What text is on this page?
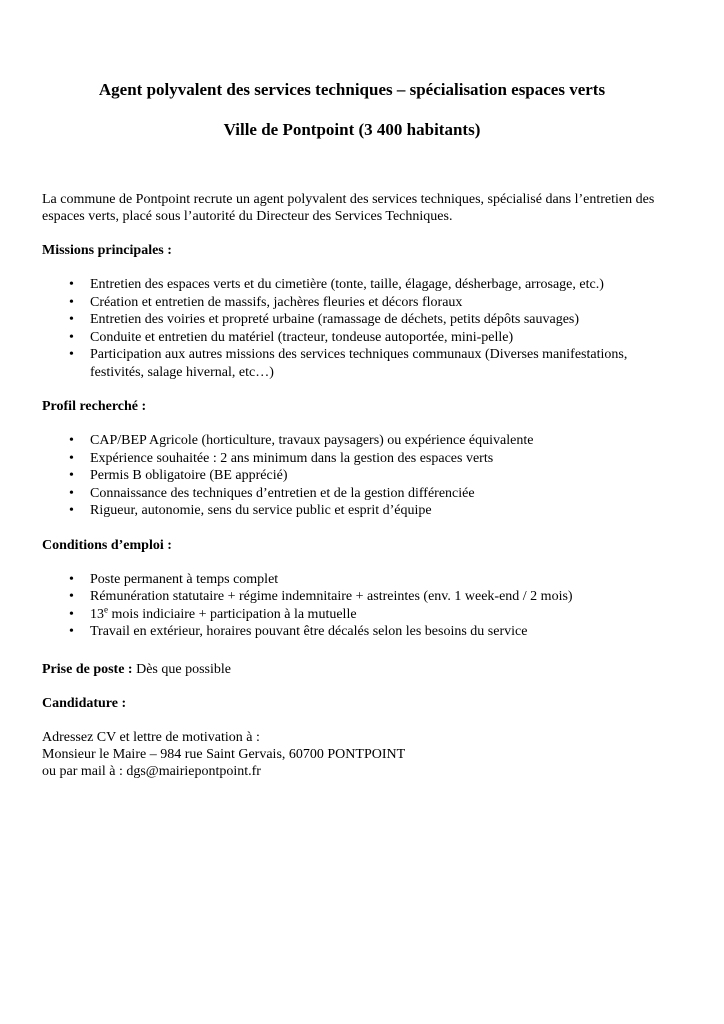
Agent polyvalent des services techniques – spécialisation espaces verts
Ville de Pontpoint (3 400 habitants)

La commune de Pontpoint recrute un agent polyvalent des services techniques, spécialisé dans l’entretien des espaces verts, placé sous l’autorité du Directeur des Services Techniques.

Missions principales :
• Entretien des espaces verts et du cimetière (tonte, taille, élagage, désherbage, arrosage, etc.)
• Création et entretien de massifs, jachères fleuries et décors floraux
• Entretien des voiries et propreté urbaine (ramassage de déchets, petits dépôts sauvages)
• Conduite et entretien du matériel (tracteur, tondeuse autoportée, mini-pelle)
• Participation aux autres missions des services techniques communaux (Diverses manifestations, festivités, salage hivernal, etc…)
Profil recherché :
• CAP/BEP Agricole (horticulture, travaux paysagers) ou expérience équivalente
• Expérience souhaitée : 2 ans minimum dans la gestion des espaces verts
• Permis B obligatoire (BE apprécié)
• Connaissance des techniques d’entretien et de la gestion différenciée
• Rigueur, autonomie, sens du service public et esprit d’équipe
Conditions d’emploi :
• Poste permanent à temps complet
• Rémunération statutaire + régime indemnitaire + astreintes (env. 1 week-end / 2 mois)
• 13e mois indiciaire + participation à la mutuelle
• Travail en extérieur, horaires pouvant être décalés selon les besoins du service

Prise de poste : Dès que possible

Candidature :
Adressez CV et lettre de motivation à :
Monsieur le Maire – 984 rue Saint Gervais, 60700 PONTPOINT
ou par mail à : dgs@mairiepontpoint.fr
